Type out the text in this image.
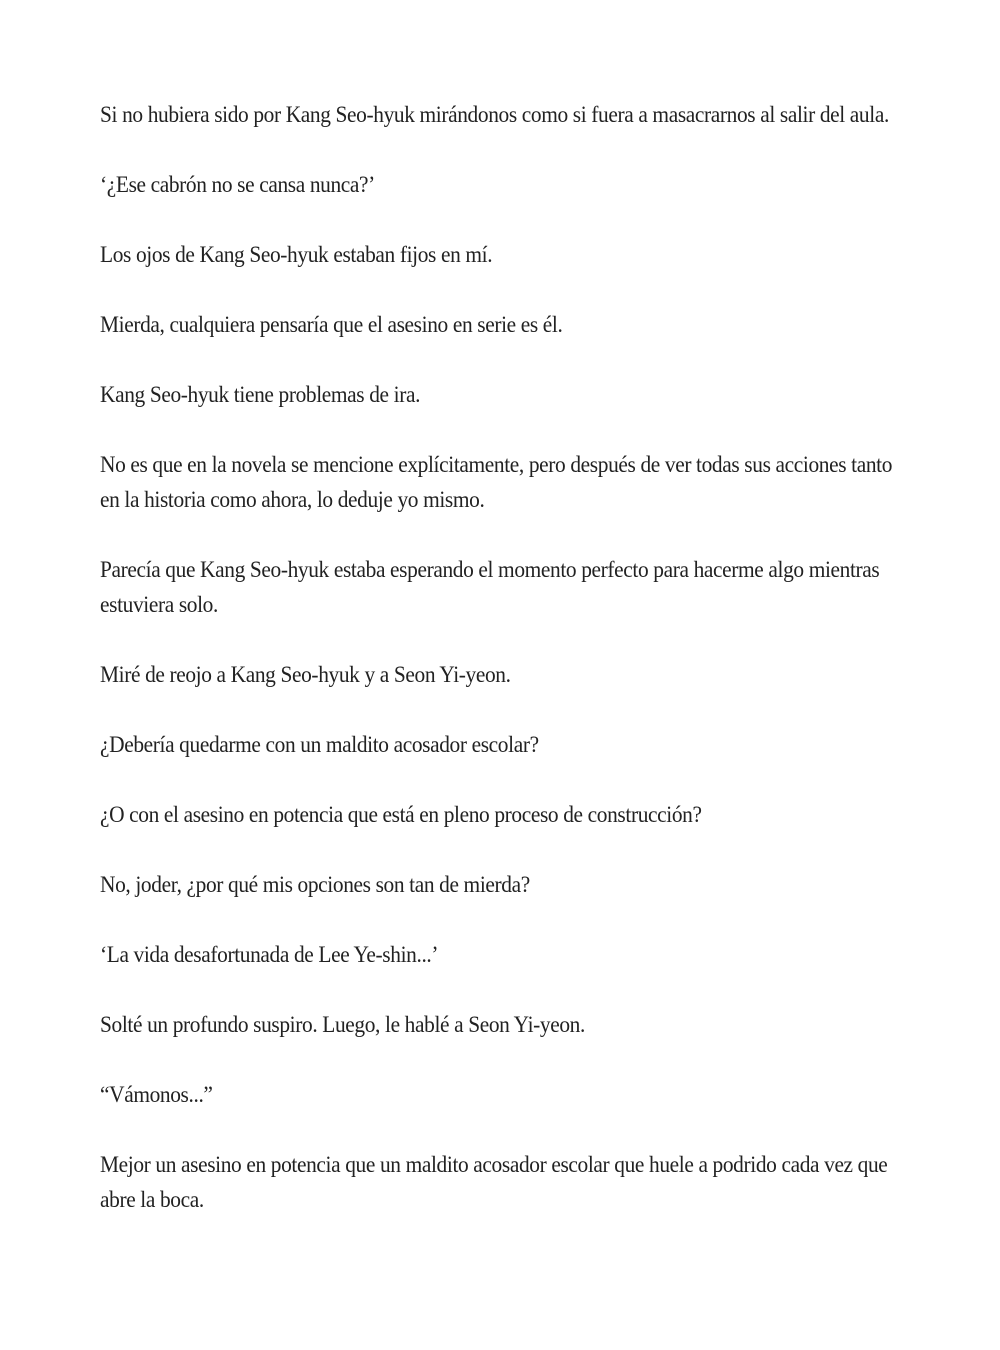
Si no hubiera sido por Kang Seo-hyuk mirándonos como si fuera a masacrarnos al salir del aula.

‘¿Ese cabrón no se cansa nunca?’

Los ojos de Kang Seo-hyuk estaban fijos en mí.

Mierda, cualquiera pensaría que el asesino en serie es él.

Kang Seo-hyuk tiene problemas de ira.

No es que en la novela se mencione explícitamente, pero después de ver todas sus acciones tanto en la historia como ahora, lo deduje yo mismo.

Parecía que Kang Seo-hyuk estaba esperando el momento perfecto para hacerme algo mientras estuviera solo.

Miré de reojo a Kang Seo-hyuk y a Seon Yi-yeon.

¿Debería quedarme con un maldito acosador escolar?

¿O con el asesino en potencia que está en pleno proceso de construcción?

No, joder, ¿por qué mis opciones son tan de mierda?

‘La vida desafortunada de Lee Ye-shin...’

Solté un profundo suspiro. Luego, le hablé a Seon Yi-yeon.

“Vámonos...”

Mejor un asesino en potencia que un maldito acosador escolar que huele a podrido cada vez que abre la boca.
